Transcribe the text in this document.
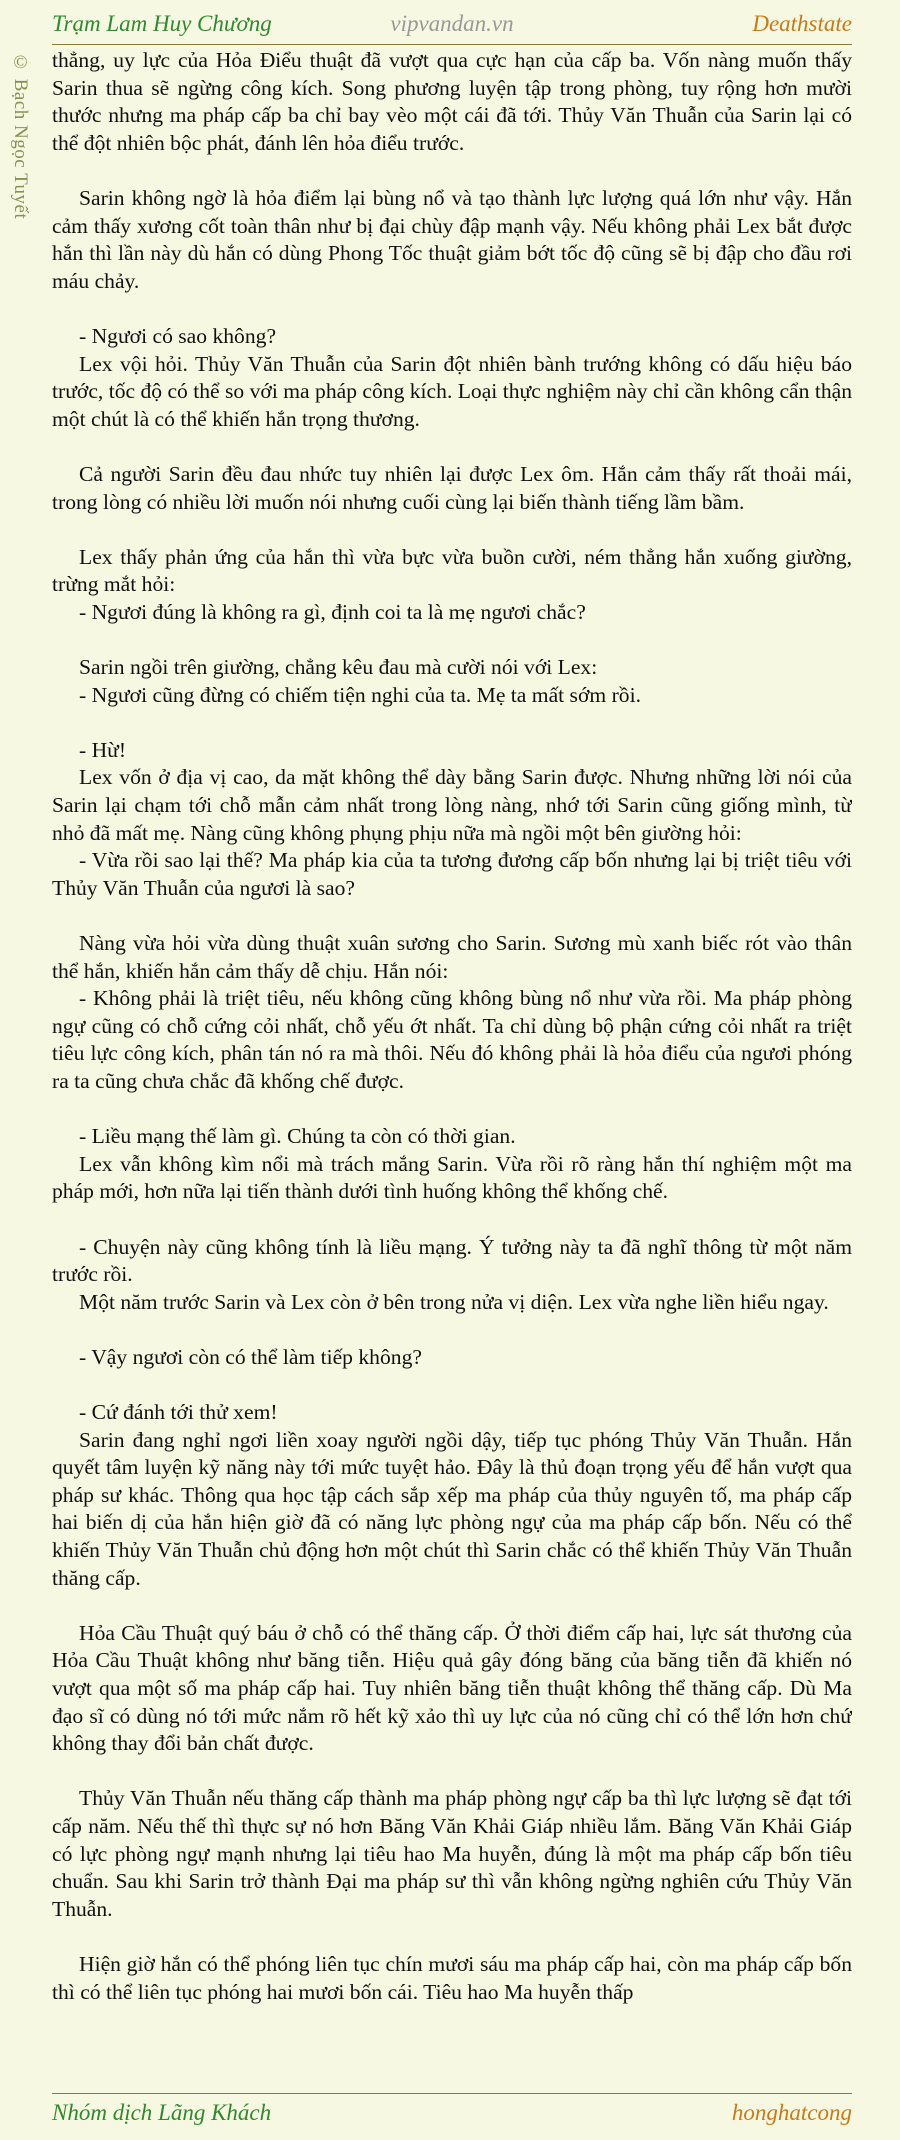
Trạm Lam Huy Chương	vipvandan.vn	Deathstate
© Bạch Ngọc Tuyết thẳng, uy lực của Hỏa Điểu thuật đã vượt qua cực hạn của cấp ba. Vốn nàng muốn thấy Sarin thua sẽ ngừng công kích. Song phương luyện tập trong phòng, tuy rộng hơn mười thước nhưng ma pháp cấp ba chỉ bay vèo một cái đã tới. Thủy Văn Thuẫn của Sarin lại có thể đột nhiên bộc phát, đánh lên hỏa điểu trước.

Sarin không ngờ là hỏa điểm lại bùng nổ và tạo thành lực lượng quá lớn như vậy. Hắn cảm thấy xương cốt toàn thân như bị đại chùy đập mạnh vậy. Nếu không phải Lex bắt được hắn thì lần này dù hắn có dùng Phong Tốc thuật giảm bớt tốc độ cũng sẽ bị đập cho đầu rơi máu chảy.

- Ngươi có sao không?

Lex vội hỏi. Thủy Văn Thuẫn của Sarin đột nhiên bành trướng không có dấu hiệu báo trước, tốc độ có thể so với ma pháp công kích. Loại thực nghiệm này chỉ cần không cẩn thận một chút là có thể khiến hắn trọng thương.

Cả người Sarin đều đau nhức tuy nhiên lại được Lex ôm. Hắn cảm thấy rất thoải mái, trong lòng có nhiều lời muốn nói nhưng cuối cùng lại biến thành tiếng lầm bầm.

Lex thấy phản ứng của hắn thì vừa bực vừa buồn cười, ném thẳng hắn xuống giường, trừng mắt hỏi:

- Ngươi đúng là không ra gì, định coi ta là mẹ ngươi chắc?

Sarin ngồi trên giường, chẳng kêu đau mà cười nói với Lex:

- Ngươi cũng đừng có chiếm tiện nghi của ta. Mẹ ta mất sớm rồi.

- Hừ!

Lex vốn ở địa vị cao, da mặt không thể dày bằng Sarin được. Nhưng những lời nói của Sarin lại chạm tới chỗ mẫn cảm nhất trong lòng nàng, nhớ tới Sarin cũng giống mình, từ nhỏ đã mất mẹ. Nàng cũng không phụng phịu nữa mà ngồi một bên giường hỏi:

- Vừa rồi sao lại thế? Ma pháp kia của ta tương đương cấp bốn nhưng lại bị triệt tiêu với Thủy Văn Thuẫn của ngươi là sao?

Nàng vừa hỏi vừa dùng thuật xuân sương cho Sarin. Sương mù xanh biếc rót vào thân thể hắn, khiến hắn cảm thấy dễ chịu. Hắn nói:

- Không phải là triệt tiêu, nếu không cũng không bùng nổ như vừa rồi. Ma pháp phòng ngự cũng có chỗ cứng cỏi nhất, chỗ yếu ớt nhất. Ta chỉ dùng bộ phận cứng cỏi nhất ra triệt tiêu lực công kích, phân tán nó ra mà thôi. Nếu đó không phải là hỏa điểu của ngươi phóng ra ta cũng chưa chắc đã khống chế được.

- Liều mạng thế làm gì. Chúng ta còn có thời gian.

Lex vẫn không kìm nổi mà trách mắng Sarin. Vừa rồi rõ ràng hắn thí nghiệm một ma pháp mới, hơn nữa lại tiến thành dưới tình huống không thể khống chế.

- Chuyện này cũng không tính là liều mạng. Ý tưởng này ta đã nghĩ thông từ một năm trước rồi.

Một năm trước Sarin và Lex còn ở bên trong nửa vị diện. Lex vừa nghe liền hiểu ngay.

- Vậy ngươi còn có thể làm tiếp không?

- Cứ đánh tới thử xem!

Sarin đang nghỉ ngơi liền xoay người ngồi dậy, tiếp tục phóng Thủy Văn Thuẫn. Hắn quyết tâm luyện kỹ năng này tới mức tuyệt hảo. Đây là thủ đoạn trọng yếu để hắn vượt qua pháp sư khác. Thông qua học tập cách sắp xếp ma pháp của thủy nguyên tố, ma pháp cấp hai biến dị của hắn hiện giờ đã có năng lực phòng ngự của ma pháp cấp bốn. Nếu có thể khiến Thủy Văn Thuẫn chủ động hơn một chút thì Sarin chắc có thể khiến Thủy Văn Thuẫn thăng cấp.

Hỏa Cầu Thuật quý báu ở chỗ có thể thăng cấp. Ở thời điểm cấp hai, lực sát thương của Hỏa Cầu Thuật không như băng tiễn. Hiệu quả gây đóng băng của băng tiễn đã khiến nó vượt qua một số ma pháp cấp hai. Tuy nhiên băng tiễn thuật không thể thăng cấp. Dù Ma đạo sĩ có dùng nó tới mức nắm rõ hết kỹ xảo thì uy lực của nó cũng chỉ có thể lớn hơn chứ không thay đổi bản chất được.

Thủy Văn Thuẫn nếu thăng cấp thành ma pháp phòng ngự cấp ba thì lực lượng sẽ đạt tới cấp năm. Nếu thế thì thực sự nó hơn Băng Văn Khải Giáp nhiều lắm. Băng Văn Khải Giáp có lực phòng ngự mạnh nhưng lại tiêu hao Ma huyễn, đúng là một ma pháp cấp bốn tiêu chuẩn. Sau khi Sarin trở thành Đại ma pháp sư thì vẫn không ngừng nghiên cứu Thủy Văn Thuẫn.

Hiện giờ hắn có thể phóng liên tục chín mươi sáu ma pháp cấp hai, còn ma pháp cấp bốn thì có thể liên tục phóng hai mươi bốn cái. Tiêu hao Ma huyễn thấp

Nhóm dịch Lãng Khách	honghatcong
